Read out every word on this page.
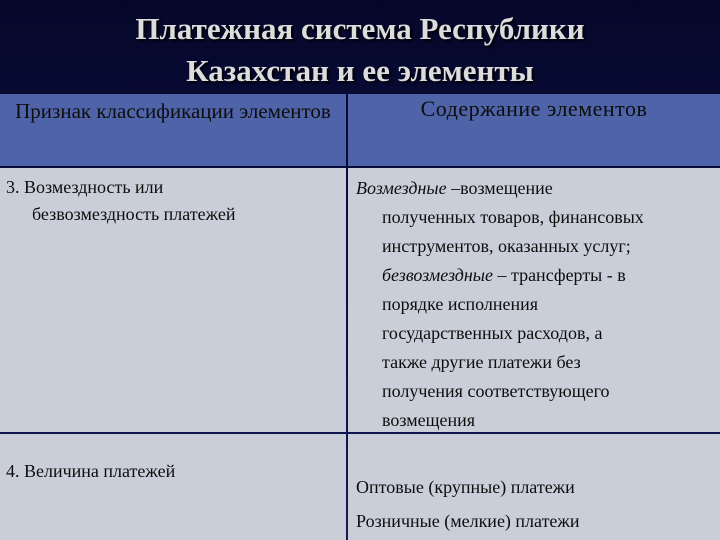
Платежная система Республики
Казахстан и ее элементы
Признак классификации элементов	Содержание элементов
3. Возмездность или
безвозмездность платежей
Возмездные –возмещение
полученных товаров, финансовых
инструментов, оказанных услуг;
безвозмездные – трансферты - в
порядке исполнения
государственных расходов, а
также другие платежи без
получения соответствующего
возмещения
4. Величина платежей
Оптовые (крупные) платежи
Розничные (мелкие) платежи
